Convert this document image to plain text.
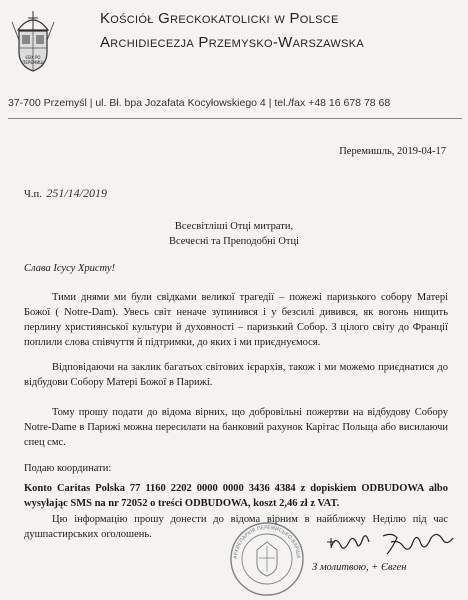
ЄВХ РО
ПЕРЕМИШ
Kościół Greckokatolicki w Polsce
Archidiecezja Przemysko-Warszawska
37-700 Przemyśl | ul. Bł. bpa Jozafata Kocyłowskiego 4 | tel./fax +48 16 678 78 68
Перемишль, 2019-04-17
Ч.п. 251/14/2019
Всесвітліші Отці митрати,
Всечесні та Преподобні Отці
Слава Ісусу Христу!
Тими днями ми були свідками великої трагедії – пожежі паризького собору Матері Божої ( Notre-Dam). Увесь світ неначе зупинився і у безсилі дивився, як вогонь нищить перлину християнської культури й духовності – паризький Собор. З цілого світу до Франції поплили слова співчуття й підтримки, до яких і ми приєднуємося.
Відповідаючи на заклик багатьох світових ієрархів, також і ми можемо приєднатися до відбудови Собору Матері Божої в Парижі.
Тому прошу подати до відома вірних, що добровільні пожертви на відбудову Собору Notre-Dame в Парижі можна пересилати на банковий рахунок Карітас Польща або висилаючи спец смс.
Подаю координати:
Konto Caritas Polska 77 1160 2202 0000 0000 3436 4384 z dopiskiem ODBUDOWA albo wysyłając SMS na nr 72052 o treści ODBUDOWA, koszt 2,46 zł z VAT.
Цю інформацію прошу донести до відома вірним в найближчу Неділю під час душпастирських оголошень.
АРХИЄПАРХІЯ ПЕРЕМИСЬКО-ВАРША
З молитвою, + Євген
